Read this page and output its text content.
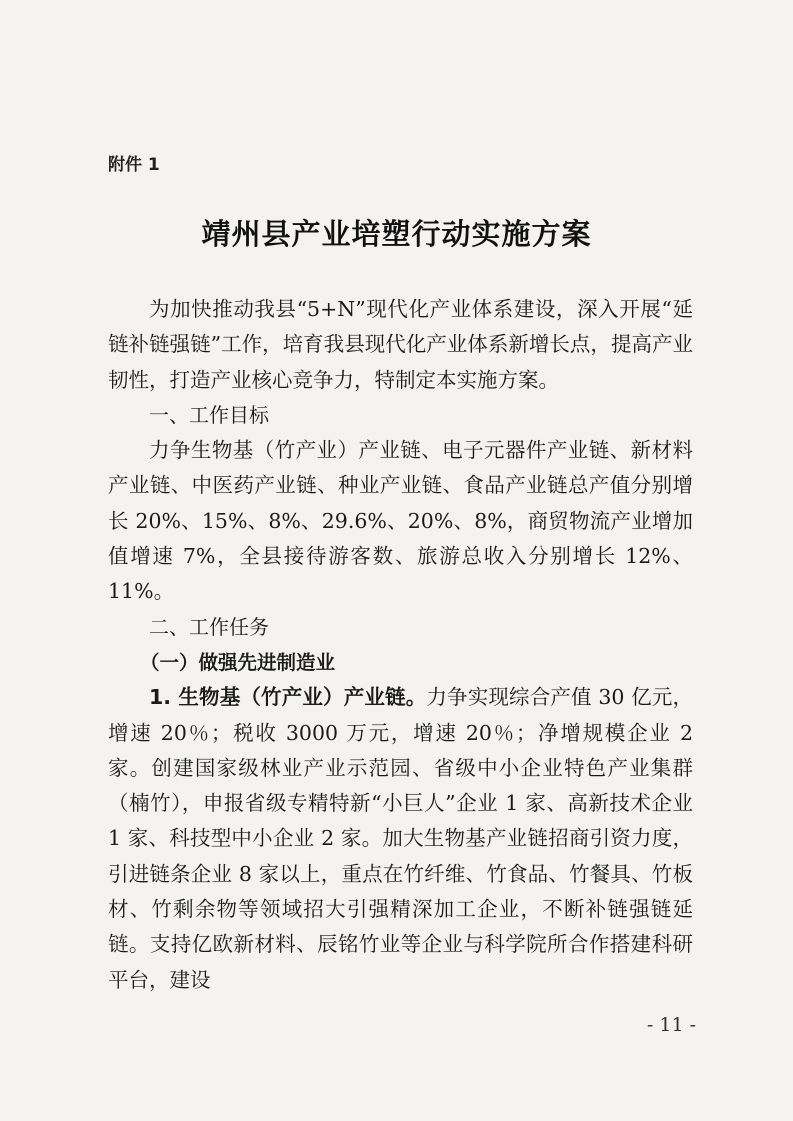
附件 1
靖州县产业培塑行动实施方案

为加快推动我县“5+N”现代化产业体系建设，深入开展“延链补链强链”工作，培育我县现代化产业体系新增长点，提高产业韧性，打造产业核心竞争力，特制定本实施方案。

一、工作目标

力争生物基（竹产业）产业链、电子元器件产业链、新材料产业链、中医药产业链、种业产业链、食品产业链总产值分别增长 20%、15%、8%、29.6%、20%、8%，商贸物流产业增加值增速 7%，全县接待游客数、旅游总收入分别增长 12%、11%。

二、工作任务

（一）做强先进制造业

1. 生物基（竹产业）产业链。力争实现综合产值 30 亿元，增速 20％；税收 3000 万元，增速 20％；净增规模企业 2 家。创建国家级林业产业示范园、省级中小企业特色产业集群（楠竹），申报省级专精特新“小巨人”企业 1 家、高新技术企业 1 家、科技型中小企业 2 家。加大生物基产业链招商引资力度，引进链条企业 8 家以上，重点在竹纤维、竹食品、竹餐具、竹板材、竹剩余物等领域招大引强精深加工企业，不断补链强链延链。支持亿欧新材料、辰铭竹业等企业与科学院所合作搭建科研平台，建设

- 11 -
